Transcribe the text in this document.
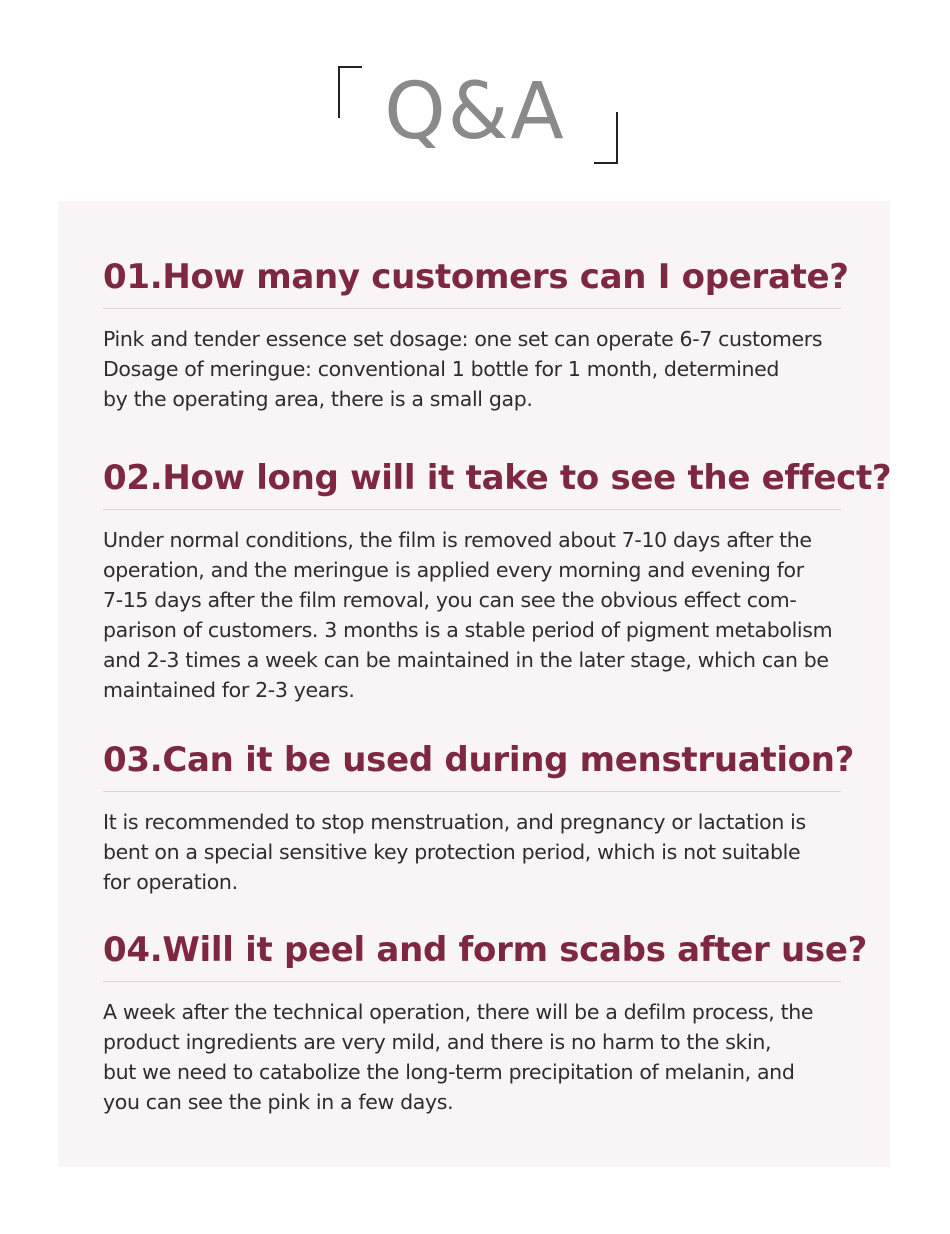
Q&A
01.How many customers can I operate?

Pink and tender essence set dosage: one set can operate 6-7 customers
Dosage of meringue: conventional 1 bottle for 1 month, determined
by the operating area, there is a small gap.

02.How long will it take to see the effect?

Under normal conditions, the film is removed about 7-10 days after the
operation, and the meringue is applied every morning and evening for
7-15 days after the film removal, you can see the obvious effect com-
parison of customers. 3 months is a stable period of pigment metabolism
and 2-3 times a week can be maintained in the later stage, which can be
maintained for 2-3 years.

03.Can it be used during menstruation?

It is recommended to stop menstruation, and pregnancy or lactation is
bent on a special sensitive key protection period, which is not suitable
for operation.

04.Will it peel and form scabs after use?

A week after the technical operation, there will be a defilm process, the
product ingredients are very mild, and there is no harm to the skin,
but we need to catabolize the long-term precipitation of melanin, and
you can see the pink in a few days.
